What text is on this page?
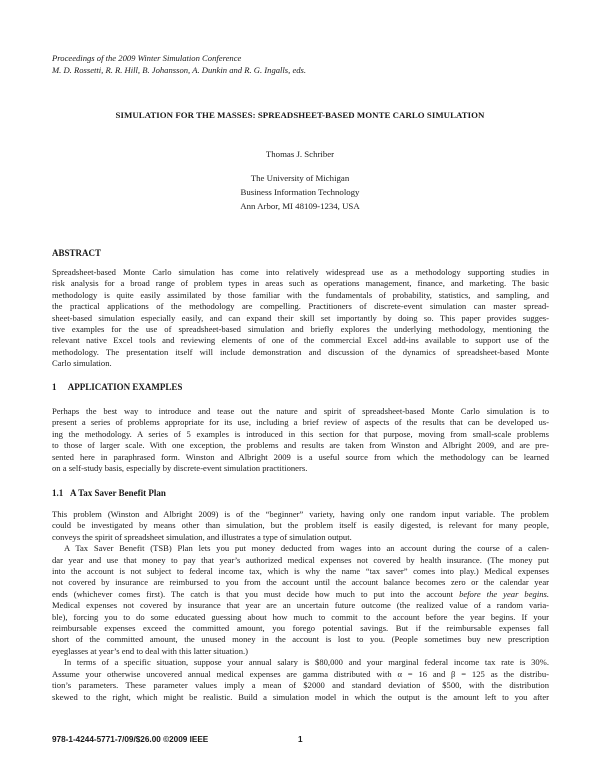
Proceedings of the 2009 Winter Simulation Conference
M. D. Rossetti, R. R. Hill, B. Johansson, A. Dunkin and R. G. Ingalls, eds.
SIMULATION FOR THE MASSES: SPREADSHEET-BASED MONTE CARLO SIMULATION
Thomas J. Schriber
The University of Michigan
Business Information Technology
Ann Arbor, MI 48109-1234, USA
ABSTRACT
Spreadsheet-based Monte Carlo simulation has come into relatively widespread use as a methodology supporting studies in
risk analysis for a broad range of problem types in areas such as operations management, finance, and marketing. The basic
methodology is quite easily assimilated by those familiar with the fundamentals of probability, statistics, and sampling, and
the practical applications of the methodology are compelling. Practitioners of discrete-event simulation can master spread-
sheet-based simulation especially easily, and can expand their skill set importantly by doing so. This paper provides sugges-
tive examples for the use of spreadsheet-based simulation and briefly explores the underlying methodology, mentioning the
relevant native Excel tools and reviewing elements of one of the commercial Excel add-ins available to support use of the
methodology. The presentation itself will include demonstration and discussion of the dynamics of spreadsheet-based Monte
Carlo simulation.
1     APPLICATION EXAMPLES
Perhaps the best way to introduce and tease out the nature and spirit of spreadsheet-based Monte Carlo simulation is to
present a series of problems appropriate for its use, including a brief review of aspects of the results that can be developed us-
ing the methodology. A series of 5 examples is introduced in this section for that purpose, moving from small-scale problems
to those of larger scale. With one exception, the problems and results are taken from Winston and Albright 2009, and are pre-
sented here in paraphrased form. Winston and Albright 2009 is a useful source from which the methodology can be learned
on a self-study basis, especially by discrete-event simulation practitioners.
1.1   A Tax Saver Benefit Plan
This problem (Winston and Albright 2009) is of the “beginner” variety, having only one random input variable. The problem
could be investigated by means other than simulation, but the problem itself is easily digested, is relevant for many people,
conveys the spirit of spreadsheet simulation, and illustrates a type of simulation output.
A Tax Saver Benefit (TSB) Plan lets you put money deducted from wages into an account during the course of a calen-
dar year and use that money to pay that year’s authorized medical expenses not covered by health insurance. (The money put
into the account is not subject to federal income tax, which is why the name “tax saver” comes into play.) Medical expenses
not covered by insurance are reimbursed to you from the account until the account balance becomes zero or the calendar year
ends (whichever comes first). The catch is that you must decide how much to put into the account before the year begins.
Medical expenses not covered by insurance that year are an uncertain future outcome (the realized value of a random varia-
ble), forcing you to do some educated guessing about how much to commit to the account before the year begins. If your
reimbursable expenses exceed the committed amount, you forego potential savings. But if the reimbursable expenses fall
short of the committed amount, the unused money in the account is lost to you. (People sometimes buy new prescription
eyeglasses at year’s end to deal with this latter situation.)
In terms of a specific situation, suppose your annual salary is $80,000 and your marginal federal income tax rate is 30%.
Assume your otherwise uncovered annual medical expenses are gamma distributed with α = 16 and β = 125 as the distribu-
tion’s parameters. These parameter values imply a mean of $2000 and standard deviation of $500, with the distribution
skewed to the right, which might be realistic. Build a simulation model in which the output is the amount left to you after
978-1-4244-5771-7/09/$26.00 ©2009 IEEE	1
